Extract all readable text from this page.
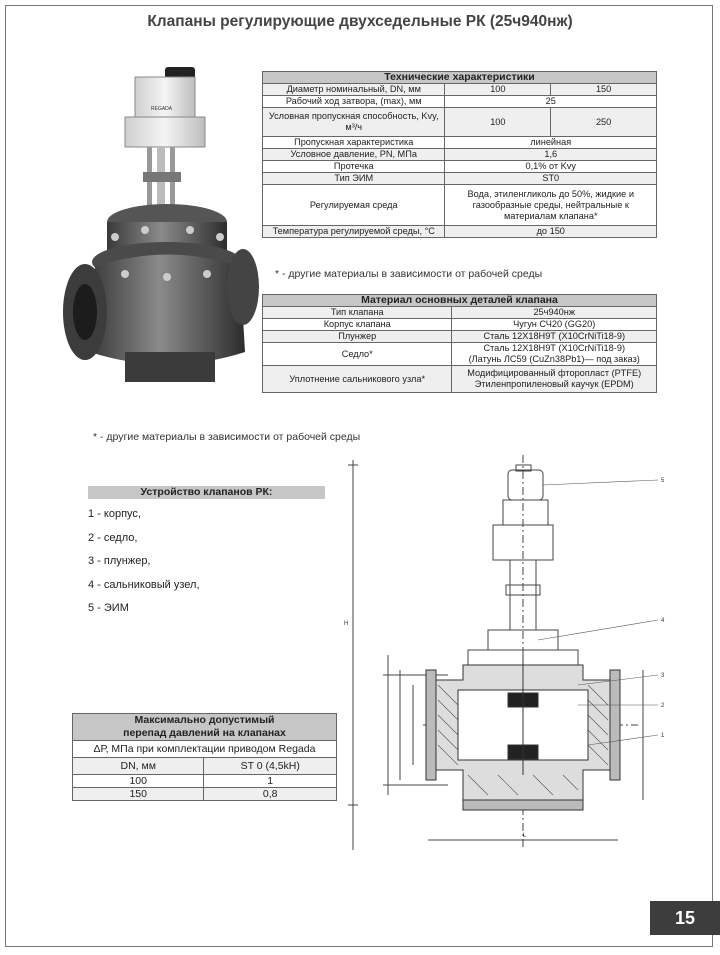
Клапаны регулирующие двухседельные РК (25ч940нж)
REGADA
Технические характеристики		
Диаметр номинальный, DN, мм	100	150
Рабочий ход затвора, (max), мм	25	
Условная пропускная способность, Kvy, м³/ч	100	250
Пропускная характеристика	линейная	
Условное давление, PN, МПа	1,6	
Протечка	0,1% от Kvy	
Тип ЭИМ	ST0	
Регулируемая среда	Вода, этиленгликоль до 50%, жидкие и газообразные среды, нейтральные к материалам клапана*	
Температура регулируемой среды, °С	до 150	
* - другие материалы в зависимости от рабочей среды
Материал основных деталей клапана	
Тип клапана	25ч940нж
Корпус клапана	Чугун СЧ20 (GG20)
Плунжер	Сталь 12Х18Н9Т (X10CrNiTi18-9)
Седло*	Сталь 12Х18Н9Т (X10CrNiTi18-9)
(Латунь ЛС59 (CuZn38Pb1)— под заказ)

Уплотнение сальникового узла*	Модифицированный фторопласт (PTFE)
Этиленпропиленовый каучук (EPDM)
* - другие материалы в зависимости от рабочей среды
Устройство клапанов РК:
1 - корпус,
2 - седло,
3 - плунжер,
4 - сальниковый узел,
5 - ЭИМ
Максимально допустимый
перепад давлений на клапанах	

ΔР, МПа при комплектации приводом Regada	
DN, мм	ST 0 (4,5kH)
100	1
150	0,8
5
4
3
2
1
H
L
15
